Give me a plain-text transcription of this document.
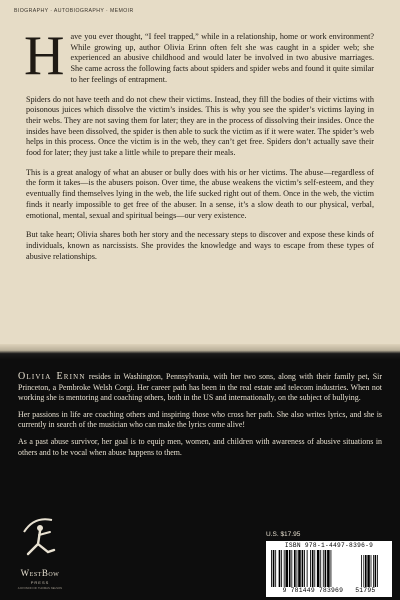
BIOGRAPHY · AUTOBIOGRAPHY · MEMOIR

Have you ever thought, “I feel trapped,” while in a relationship, home or work environment? While growing up, author Olivia Erinn often felt she was caught in a spider web; she experienced an abusive childhood and would later be involved in two abusive marriages. She came across the following facts about spiders and spider webs and found it quite similar to her feelings of entrapment.

Spiders do not have teeth and do not chew their victims. Instead, they fill the bodies of their victims with poisonous juices which dissolve the victim’s insides. This is why you see the spider’s victims laying in their webs. They are not saving them for later; they are in the process of dissolving their insides. Once the insides have been dissolved, the spider is then able to suck the victim as if it were water. The spider’s web helps in this process. Once the victim is in the web, they can’t get free. Spiders don’t actually save their food for later; they just take a little while to prepare their meals.

This is a great analogy of what an abuser or bully does with his or her victims. The abuse—regardless of the form it takes—is the abusers poison. Over time, the abuse weakens the victim’s self-esteem, and they eventually find themselves lying in the web, the life sucked right out of them. Once in the web, the victim finds it nearly impossible to get free of the abuser. In a sense, it’s a slow death to our physical, verbal, emotional, mental, sexual and spiritual beings—our very existence.

But take heart; Olivia shares both her story and the necessary steps to discover and expose these kinds of individuals, known as narcissists. She provides the knowledge and ways to escape from these types of abusive relationships.

Olivia Erinn resides in Washington, Pennsylvania, with her two sons, along with their family pet, Sir Princeton, a Pembroke Welsh Corgi. Her career path has been in the real estate and telecom industries. When not working she is mentoring and coaching others, both in the US and internationally, on the subject of bullying.

Her passions in life are coaching others and inspiring those who cross her path. She also writes lyrics, and she is currently in search of the musician who can make the lyrics come alive!

As a past abuse survivor, her goal is to equip men, women, and children with awareness of abusive situations in others and to be vocal when abuse happens to them.

WestBow
PRESS
A DIVISION OF THOMAS NELSON
U.S. $17.95
ISBN 978-1-4497-8396-9
9 781449 783969 51795
